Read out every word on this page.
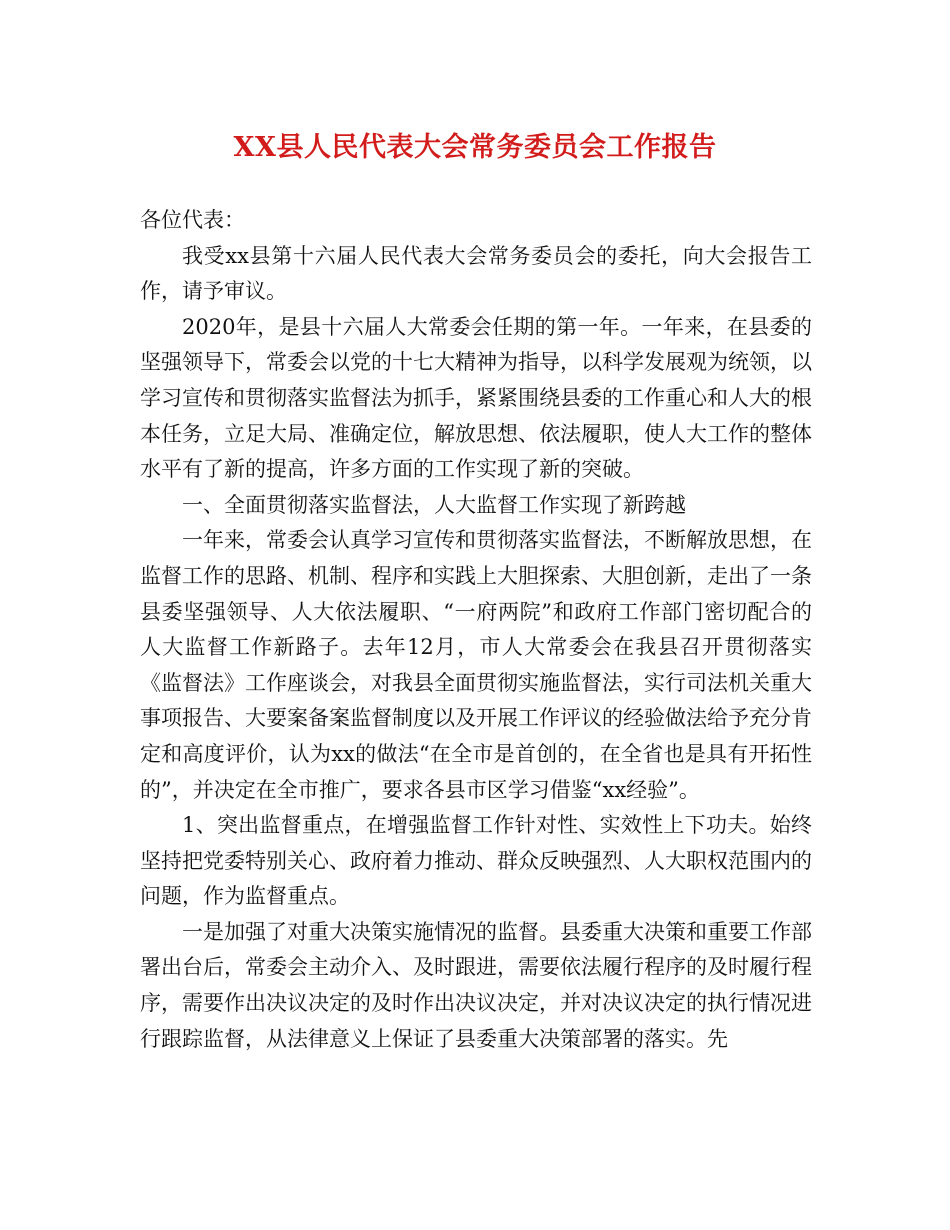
XX县人民代表大会常务委员会工作报告

各位代表：

我受xx县第十六届人民代表大会常务委员会的委托，向大会报告工作，请予审议。

2020年，是县十六届人大常委会任期的第一年。一年来，在县委的坚强领导下，常委会以党的十七大精神为指导，以科学发展观为统领，以学习宣传和贯彻落实监督法为抓手，紧紧围绕县委的工作重心和人大的根本任务，立足大局、准确定位，解放思想、依法履职，使人大工作的整体水平有了新的提高，许多方面的工作实现了新的突破。

一、全面贯彻落实监督法，人大监督工作实现了新跨越

一年来，常委会认真学习宣传和贯彻落实监督法，不断解放思想，在监督工作的思路、机制、程序和实践上大胆探索、大胆创新，走出了一条县委坚强领导、人大依法履职、“一府两院”和政府工作部门密切配合的人大监督工作新路子。去年12月，市人大常委会在我县召开贯彻落实《监督法》工作座谈会，对我县全面贯彻实施监督法，实行司法机关重大事项报告、大要案备案监督制度以及开展工作评议的经验做法给予充分肯定和高度评价，认为xx的做法“在全市是首创的，在全省也是具有开拓性的”，并决定在全市推广，要求各县市区学习借鉴“xx经验”。

1、突出监督重点，在增强监督工作针对性、实效性上下功夫。始终坚持把党委特别关心、政府着力推动、群众反映强烈、人大职权范围内的问题，作为监督重点。

一是加强了对重大决策实施情况的监督。县委重大决策和重要工作部署出台后，常委会主动介入、及时跟进，需要依法履行程序的及时履行程序，需要作出决议决定的及时作出决议决定，并对决议决定的执行情况进行跟踪监督，从法律意义上保证了县委重大决策部署的落实。先
